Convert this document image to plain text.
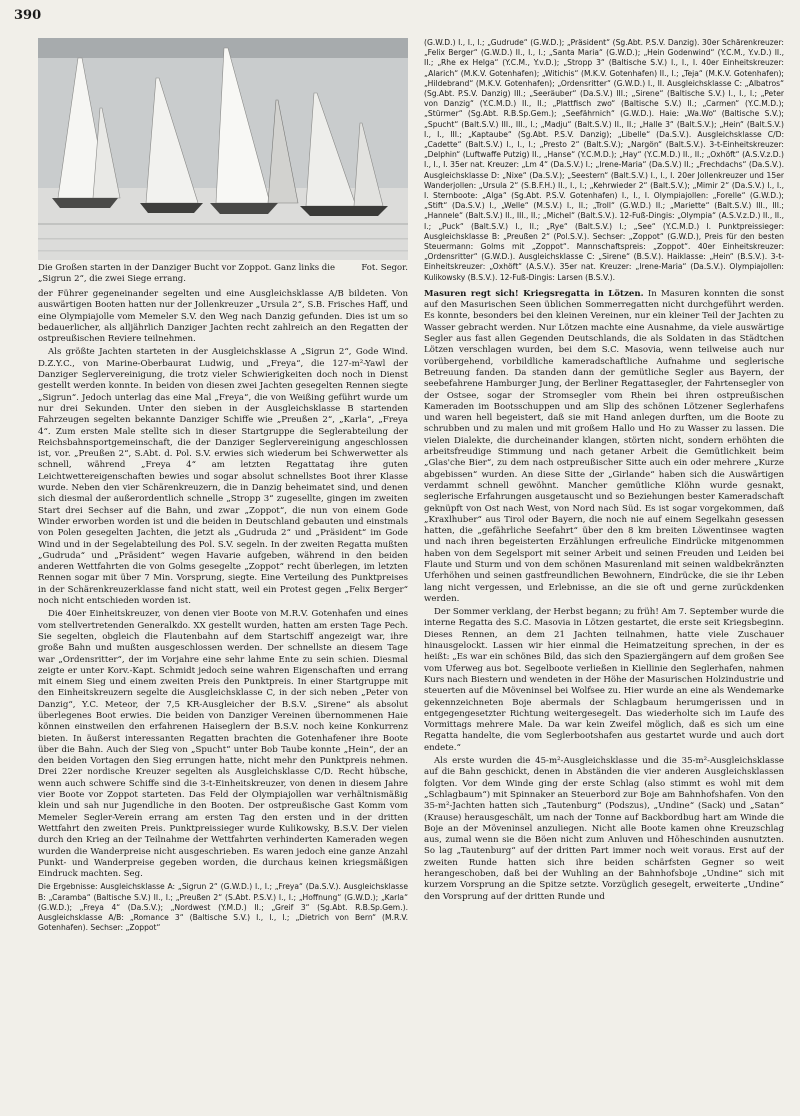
390
Fot. Segor.
Die Großen starten in der Danziger Bucht vor Zoppot. Ganz links die „Sigrun 2“, die zwei Siege errang.

der Führer gegeneinander segelten und eine Ausgleichsklasse A/B bildeten. Von auswärtigen Booten hatten nur der Jollenkreuzer „Ursula 2“, S.B. Frisches Haff, und eine Olympiajolle vom Memeler S.V. den Weg nach Danzig gefunden. Dies ist um so bedauerlicher, als alljährlich Danziger Jachten recht zahlreich an den Regatten der ostpreußischen Reviere teilnehmen.

Als größte Jachten starteten in der Ausgleichsklasse A „Sigrun 2“, Gode Wind. D.Z.Y.C., von Marine-Oberbaurat Ludwig, und „Freya“, die 127-m²-Yawl der Danziger Seglervereinigung, die trotz vieler Schwierigkeiten doch noch in Dienst gestellt werden konnte. In beiden von diesen zwei Jachten gesegelten Rennen siegte „Sigrun“. Jedoch unterlag das eine Mal „Freya“, die von Weißing geführt wurde um nur drei Sekunden. Unter den sieben in der Ausgleichsklasse B startenden Fahrzeugen segelten bekannte Danziger Schiffe wie „Preußen 2“, „Karla“, „Freya 4“. Zum ersten Male stellte sich in dieser Startgruppe die Seglerabteilung der Reichsbahnsportgemeinschaft, die der Danziger Seglervereinigung angeschlossen ist, vor. „Preußen 2“, S.Abt. d. Pol. S.V. erwies sich wiederum bei Schwerwetter als schnell, während „Freya 4“ am letzten Regattatag ihre guten Leichtwettereigenschaften bewies und sogar absolut schnellstes Boot ihrer Klasse wurde. Neben den vier Schärenkreuzern, die in Danzig beheimatet sind, und denen sich diesmal der außerordentlich schnelle „Stropp 3“ zugesellte, gingen im zweiten Start drei Sechser auf die Bahn, und zwar „Zoppot“, die nun von einem Gode Winder erworben worden ist und die beiden in Deutschland gebauten und einstmals von Polen gesegelten Jachten, die jetzt als „Gudruda 2“ und „Präsident“ im Gode Wind und in der Segelabteilung des Pol. S.V. segeln. In der zweiten Regatta mußten „Gudruda“ und „Präsident“ wegen Havarie aufgeben, während in den beiden anderen Wettfahrten die von Golms gesegelte „Zoppot“ recht überlegen, im letzten Rennen sogar mit über 7 Min. Vorsprung, siegte. Eine Verteilung des Punktpreises in der Schärenkreuzerklasse fand nicht statt, weil ein Protest gegen „Felix Berger“ noch nicht entschieden worden ist.

Die 40er Einheitskreuzer, von denen vier Boote von M.R.V. Gotenhafen und eines vom stellvertretenden Generalkdo. XX gestellt wurden, hatten am ersten Tage Pech. Sie segelten, obgleich die Flautenbahn auf dem Startschiff angezeigt war, ihre große Bahn und mußten ausgeschlossen werden. Der schnellste an diesem Tage war „Ordensritter“, der im Vorjahre eine sehr lahme Ente zu sein schien. Diesmal zeigte er unter Korv.-Kapt. Schmidt jedoch seine wahren Eigenschaften und errang mit einem Sieg und einem zweiten Preis den Punktpreis. In einer Startgruppe mit den Einheitskreuzern segelte die Ausgleichsklasse C, in der sich neben „Peter von Danzig“, Y.C. Meteor, der 7,5 KR-Ausgleicher der B.S.V. „Sirene“ als absolut überlegenes Boot erwies. Die beiden von Danziger Vereinen übernommenen Haie können einstweilen den erfahrenen Haiseglern der B.S.V. noch keine Konkurrenz bieten. In äußerst interessanten Regatten brachten die Gotenhafener ihre Boote über die Bahn. Auch der Sieg von „Spucht“ unter Bob Taube konnte „Hein“, der an den beiden Vortagen den Sieg errungen hatte, nicht mehr den Punktpreis nehmen. Drei 22er nordische Kreuzer segelten als Ausgleichsklasse C/D. Recht hübsche, wenn auch schwere Schiffe sind die 3-t-Einheitskreuzer, von denen in diesem Jahre vier Boote vor Zoppot starteten. Das Feld der Olympiajollen war verhältnismäßig klein und sah nur Jugendliche in den Booten. Der ostpreußische Gast Komm vom Memeler Segler-Verein errang am ersten Tag den ersten und in der dritten Wettfahrt den zweiten Preis. Punktpreissieger wurde Kulikowsky, B.S.V. Der vielen durch den Krieg an der Teilnahme der Wettfahrten verhinderten Kameraden wegen wurden die Wanderpreise nicht ausgeschrieben. Es waren jedoch eine ganze Anzahl Punkt- und Wanderpreise gegeben worden, die durchaus keinen kriegsmäßigen Eindruck machten. Seg.

Die Ergebnisse: Ausgleichsklasse A: „Sigrun 2“ (G.W.D.) I., I.; „Freya“ (Da.S.V.). Ausgleichsklasse B: „Caramba“ (Baltische S.V.) II., I.; „Preußen 2“ (S.Abt. P.S.V.) I., I.; „Hoffnung“ (G.W.D.); „Karla“ (G.W.D.); „Freya 4“ (Da.S.V.); „Nordwest (Y.M.D.) II.; „Greif 3“ (Sg.Abt. R.B.Sp.Gem.). Ausgleichsklasse A/B: „Romance 3“ (Baltische S.V.) I., I., I.; „Dietrich von Bern“ (M.R.V. Gotenhafen). Sechser: „Zoppot“

(G.W.D.) I., I., I.; „Gudrude“ (G.W.D.); „Präsident“ (Sg.Abt. P.S.V. Danzig). 30er Schärenkreuzer: „Felix Berger“ (G.W.D.) II., I., I.; „Santa Maria“ (G.W.D.); „Hein Godenwind“ (Y.C.M., Y.v.D.) II., II.; „Rhe ex Helga“ (Y.C.M., Y.v.D.); „Stropp 3“ (Baltische S.V.) I., I., I. 40er Einheitskreuzer: „Alarich“ (M.K.V. Gotenhafen); „Witichis“ (M.K.V. Gotenhafen) II., I.; „Teja“ (M.K.V. Gotenhafen); „Hildebrand“ (M.K.V. Gotenhafen); „Ordensritter“ (G.W.D.) I., II. Ausgleichsklasse C: „Albatros“ (Sg.Abt. P.S.V. Danzig) III.; „Seeräuber“ (Da.S.V.) III.; „Sirene“ (Baltische S.V.) I., I., I.; „Peter von Danzig“ (Y.C.M.D.) II., II.; „Plattfisch zwo“ (Baltische S.V.) II.; „Carmen“ (Y.C.M.D.); „Stürmer“ (Sg.Abt. R.B.Sp.Gem.); „Seefährnich“ (G.W.D.). Haie: „Wa.Wo“ (Baltische S.V.); „Spucht“ (Balt.S.V.) III., III., I.; „Madju“ (Balt.S.V.) II., II.; „Halle 3“ (Balt.S.V.); „Hein“ (Balt.S.V.) I., I., III.; „Kaptaube“ (Sg.Abt. P.S.V. Danzig); „Libelle“ (Da.S.V.). Ausgleichsklasse C/D: „Cadette“ (Balt.S.V.) I., I., I.; „Presto 2“ (Balt.S.V.); „Nargön“ (Balt.S.V.). 3-t-Einheitskreuzer: „Delphin“ (Luftwaffe Putzig) II., „Hanse“ (Y.C.M.D.); „Hay“ (Y.C.M.D.) II., II.; „Oxhöft“ (A.S.V.z.D.) I., I., I. 35er nat. Kreuzer: „Lm 4“ (Da.S.V.) I.; „Irene-Maria“ (Da.S.V.) II.; „Frechdachs“ (Da.S.V.). Ausgleichsklasse D: „Nixe“ (Da.S.V.); „Seestern“ (Balt.S.V.) I., I., I. 20er Jollenkreuzer und 15er Wanderjollen: „Ursula 2“ (S.B.F.H.) II., I., I.; „Kehrwieder 2“ (Balt.S.V.); „Mimir 2“ (Da.S.V.) I., I., I. Sternboote: „Alga“ (Sg.Abt. P.S.V. Gotenhafen) I., I., I. Olympiajollen: „Forelle“ (G.W.D.); „Stift“ (Da.S.V.) I., „Welle“ (M.S.V.) I., II.; „Troll“ (G.W.D.) II.; „Mariette“ (Balt.S.V.) III., III.; „Hannele“ (Balt.S.V.) II., III., II.; „Michel“ (Balt.S.V.). 12-Fuß-Dingis: „Olympia“ (A.S.V.z.D.) II., II., I.; „Puck“ (Balt.S.V.) I., II.; „Rye“ (Balt.S.V.) I.; „See“ (Y.C.M.D.) I. Punktpreissieger: Ausgleichsklasse B: „Preußen 2“ (Pol.S.V.). Sechser: „Zoppot“ (G.W.D.), Preis für den besten Steuermann: Golms mit „Zoppot“. Mannschaftspreis: „Zoppot“. 40er Einheitskreuzer: „Ordensritter“ (G.W.D.). Ausgleichsklasse C: „Sirene“ (B.S.V.). Haiklasse: „Hein“ (B.S.V.). 3-t-Einheitskreuzer: „Oxhöft“ (A.S.V.). 35er nat. Kreuzer: „Irene-Maria“ (Da.S.V.). Olympiajollen: Kulikowsky (B.S.V.). 12-Fuß-Dingis: Larsen (B.S.V.).

Masuren regt sich! Kriegsregatta in Lötzen. In Masuren konnten die sonst auf den Masurischen Seen üblichen Sommerregatten nicht durchgeführt werden. Es konnte, besonders bei den kleinen Vereinen, nur ein kleiner Teil der Jachten zu Wasser gebracht werden. Nur Lötzen machte eine Ausnahme, da viele auswärtige Segler aus fast allen Gegenden Deutschlands, die als Soldaten in das Städtchen Lötzen verschlagen wurden, bei dem S.C. Masovia, wenn teilweise auch nur vorübergehend, vorbildliche kameradschaftliche Aufnahme und seglerische Betreuung fanden. Da standen dann der gemütliche Segler aus Bayern, der seebefahrene Hamburger Jung, der Berliner Regattasegler, der Fahrtensegler von der Ostsee, sogar der Stromsegler vom Rhein bei ihren ostpreußischen Kameraden im Bootsschuppen und am Slip des schönen Lötzener Seglerhafens und waren hell begeistert, daß sie mit Hand anlegen durften, um die Boote zu schrubben und zu malen und mit großem Hallo und Ho zu Wasser zu lassen. Die vielen Dialekte, die durcheinander klangen, störten nicht, sondern erhöhten die arbeitsfreudige Stimmung und nach getaner Arbeit die Gemütlichkeit beim „Glas'che Bier“, zu dem nach ostpreußischer Sitte auch ein oder mehrere „Kurze abgebissen“ wurden. An diese Sitte der „Girlande“ haben sich die Auswärtigen verdammt schnell gewöhnt. Mancher gemütliche Klöhn wurde gesnakt, seglerische Erfahrungen ausgetauscht und so Beziehungen bester Kameradschaft geknüpft von Ost nach West, von Nord nach Süd. Es ist sogar vorgekommen, daß „Kraxlhuber“ aus Tirol oder Bayern, die noch nie auf einem Segelkahn gesessen hatten, die „gefährliche Seefahrt“ über den 8 km breiten Löwentinsee wagten und nach ihren begeisterten Erzählungen erfreuliche Eindrücke mitgenommen haben von dem Segelsport mit seiner Arbeit und seinen Freuden und Leiden bei Flaute und Sturm und von dem schönen Masurenland mit seinen waldbekränzten Uferhöhen und seinen gastfreundlichen Bewohnern, Eindrücke, die sie ihr Leben lang nicht vergessen, und Erlebnisse, an die sie oft und gerne zurückdenken werden.

Der Sommer verklang, der Herbst begann; zu früh! Am 7. September wurde die interne Regatta des S.C. Masovia in Lötzen gestartet, die erste seit Kriegsbeginn. Dieses Rennen, an dem 21 Jachten teilnahmen, hatte viele Zuschauer hinausgelockt. Lassen wir hier einmal die Heimatzeitung sprechen, in der es heißt: „Es war ein schönes Bild, das sich den Spaziergängern auf dem großen See vom Uferweg aus bot. Segelboote verließen in Kiellinie den Seglerhafen, nahmen Kurs nach Biestern und wendeten in der Höhe der Masurischen Holzindustrie und steuerten auf die Möveninsel bei Wolfsee zu. Hier wurde an eine als Wendemarke gekennzeichneten Boje abermals der Schlagbaum herumgerissen und in entgegengesetzter Richtung weitergesegelt. Das wiederholte sich im Laufe des Vormittags mehrere Male. Da war kein Zweifel möglich, daß es sich um eine Regatta handelte, die vom Seglerbootshafen aus gestartet wurde und auch dort endete.“

Als erste wurden die 45-m²-Ausgleichsklasse und die 35-m²-Ausgleichsklasse auf die Bahn geschickt, denen in Abständen die vier anderen Ausgleichsklassen folgten. Vor dem Winde ging der erste Schlag (also stimmt es wohl mit dem „Schlagbaum“) mit Spinnaker an Steuerbord zur Boje am Bahnhofshafen. Von den 35-m²-Jachten hatten sich „Tautenburg“ (Podszus), „Undine“ (Sack) und „Satan“ (Krause) herausgeschält, um nach der Tonne auf Backbordbug hart am Winde die Boje an der Möveninsel anzuliegen. Nicht alle Boote kamen ohne Kreuzschlag aus, zumal wenn sie die Böen nicht zum Anluven und Höheschinden ausnutzten. So lag „Tautenburg“ auf der dritten Part immer noch weit voraus. Erst auf der zweiten Runde hatten sich ihre beiden schärfsten Gegner so weit herangeschoben, daß bei der Wuhling an der Bahnhofsboje „Undine“ sich mit kurzem Vorsprung an die Spitze setzte. Vorzüglich gesegelt, erweiterte „Undine“ den Vorsprung auf der dritten Runde und
